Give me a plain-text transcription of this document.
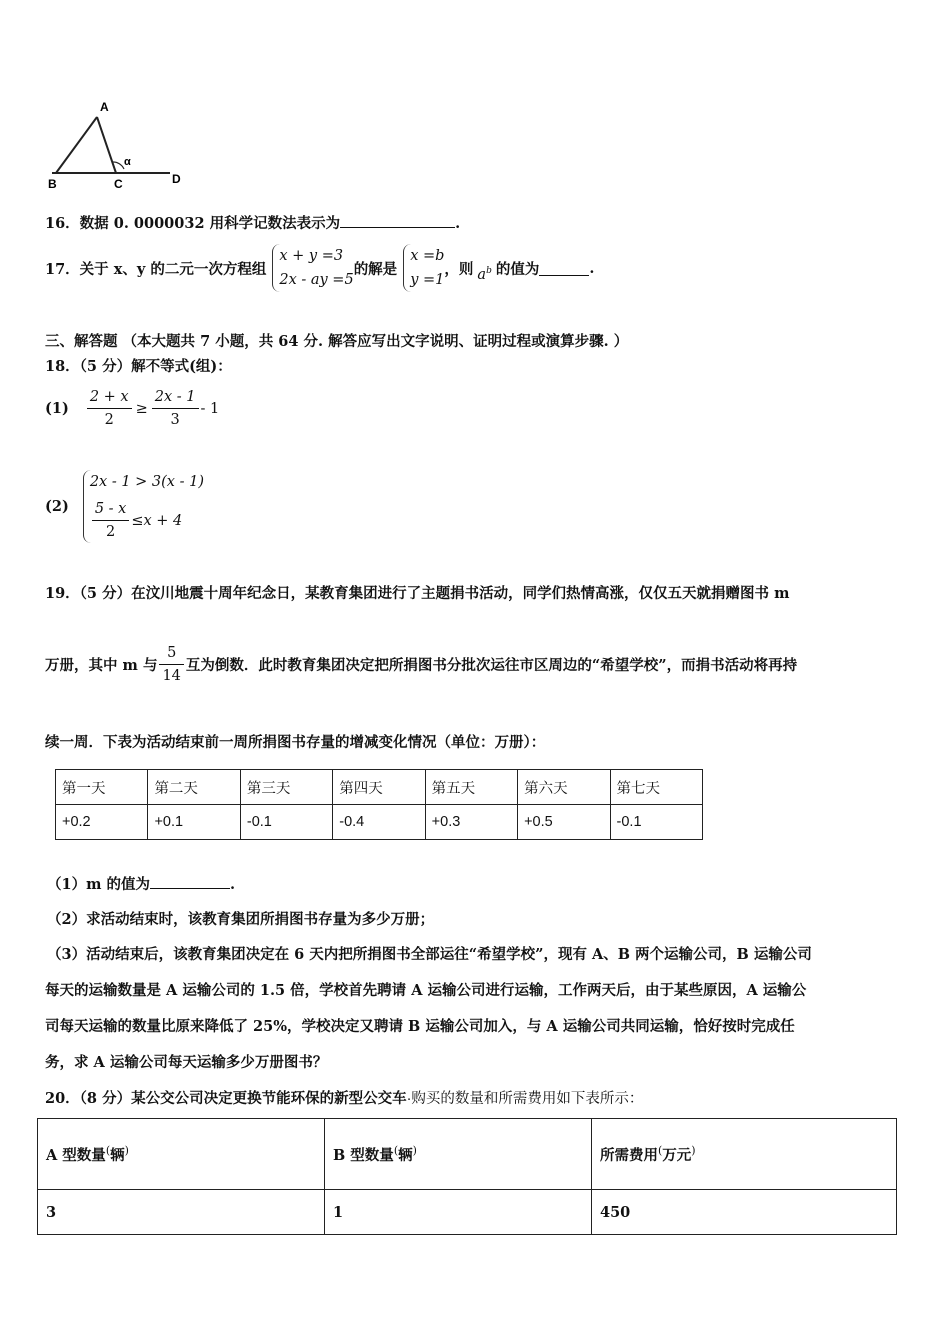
A
B	C	D
α
16．数据 0. 0000032 用科学记数法表示为	.
17．关于 x、y 的二元一次方程组
x + y =3
2x - ay =5
的解是
x =b
y =1
，则 $a^b$ 的值为	.
三、解答题 （本大题共 7 小题，共 64 分. 解答应写出文字说明、证明过程或演算步骤. ）
18．（5 分）解不等式(组)：
$(1) \frac{2 + x}{2} \ge \frac{2x - 1}{3} - 1$
(2)
2x - 1 > 3(x - 1)
$\frac{5 - x}{2} \le x + 4$
19．（5 分）在汶川地震十周年纪念日，某教育集团进行了主题捐书活动，同学们热情高涨，仅仅五天就捐赠图书 m
万册，其中 m 与 $\frac{5}{14}$ 互为倒数．此时教育集团决定把所捐图书分批次运往市区周边的“希望学校”，而捐书活动将再持
续一周．下表为活动结束前一周所捐图书存量的增减变化情况（单位：万册）：
第一天	第二天	第三天	第四天	第五天	第六天	第七天
+0.2	+0.1	-0.1	-0.4	+0.3	+0.5	-0.1
（1）m 的值为	.
（2）求活动结束时，该教育集团所捐图书存量为多少万册；
（3）活动结束后，该教育集团决定在 6 天内把所捐图书全部运往“希望学校”，现有 A、B 两个运输公司，B 运输公司
每天的运输数量是 A 运输公司的 1.5 倍，学校首先聘请 A 运输公司进行运输，工作两天后，由于某些原因，A 运输公
司每天运输的数量比原来降低了 25%，学校决定又聘请 B 运输公司加入，与 A 运输公司共同运输，恰好按时完成任
务，求 A 运输公司每天运输多少万册图书？
20．（8 分）某公交公司决定更换节能环保的新型公交车·购买的数量和所需费用如下表所示：
A 型数量(辆)	B 型数量(辆)	所需费用(万元)
3	1	450
